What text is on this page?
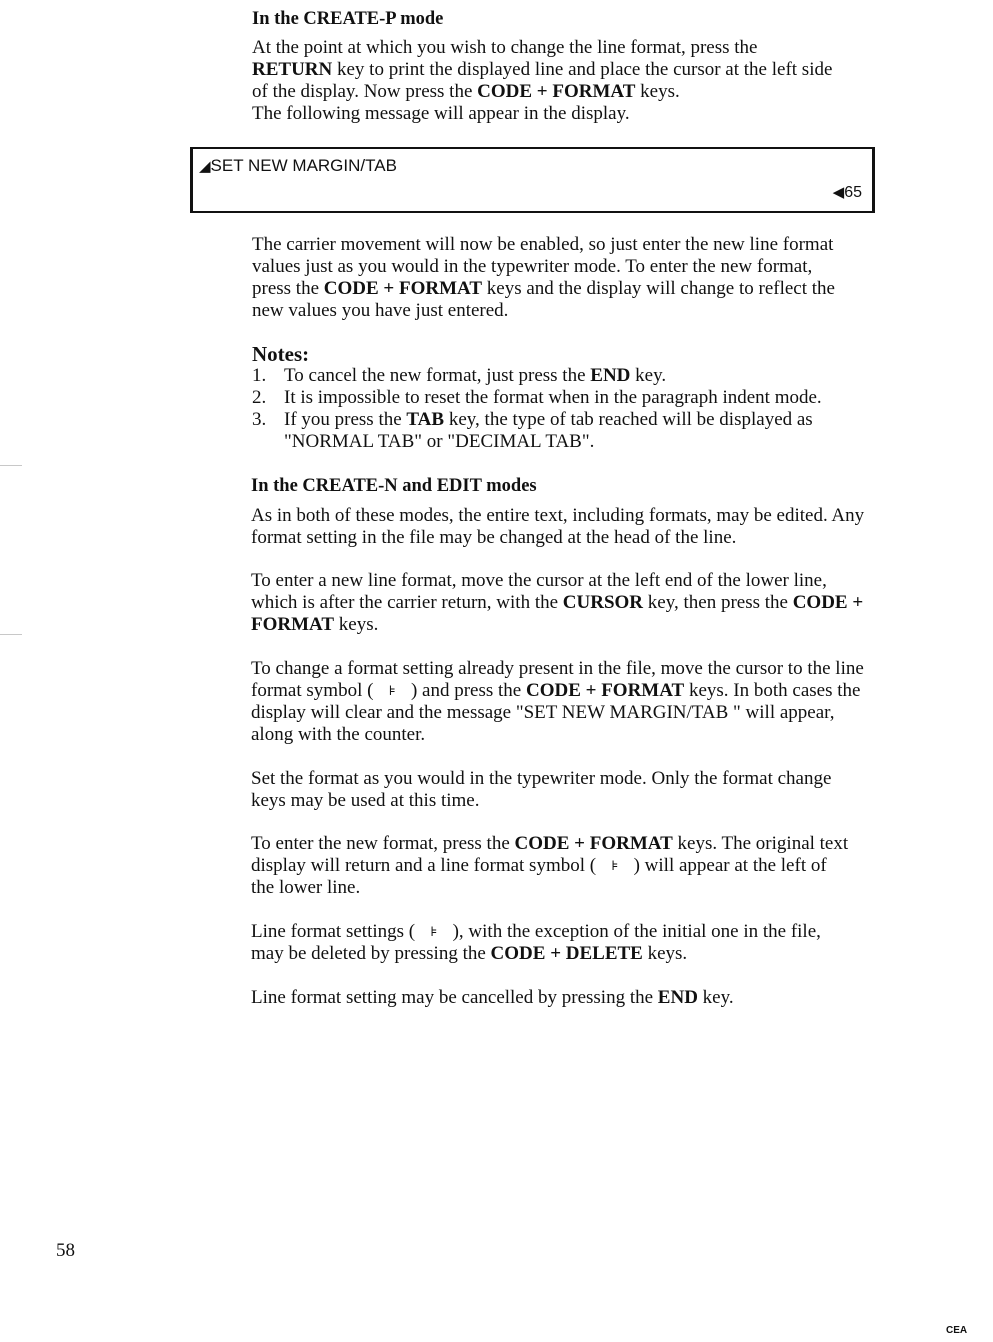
In the CREATE-P mode

At the point at which you wish to change the line format, press the
RETURN key to print the displayed line and place the cursor at the left side of the display. Now press the CODE + FORMAT keys.

The following message will appear in the display.

◢SET NEW MARGIN/TAB
◀65

The carrier movement will now be enabled, so just enter the new line format values just as you would in the typewriter mode. To enter the new format, press the CODE + FORMAT keys and the display will change to reflect the new values you have just entered.

Notes:
1. To cancel the new format, just press the END key.
2. It is impossible to reset the format when in the paragraph indent mode.
3. If you press the TAB key, the type of tab reached will be displayed as "NORMAL TAB" or "DECIMAL TAB".
In the CREATE-N and EDIT modes

As in both of these modes, the entire text, including formats, may be edited. Any format setting in the file may be changed at the head of the line.

To enter a new line format, move the cursor at the left end of the lower line, which is after the carrier return, with the CURSOR key, then press the CODE + FORMAT keys.

To change a format setting already present in the file, move the cursor to the line format symbol ( ⊧ ) and press the CODE + FORMAT keys. In both cases the display will clear and the message "SET NEW MARGIN/TAB " will appear, along with the counter.

Set the format as you would in the typewriter mode. Only the format change keys may be used at this time.

To enter the new format, press the CODE + FORMAT keys. The original text display will return and a line format symbol ( ⊧ ) will appear at the left of the lower line.

Line format settings ( ⊧ ), with the exception of the initial one in the file, may be deleted by pressing the CODE + DELETE keys.

Line format setting may be cancelled by pressing the END key.

58
CEA
